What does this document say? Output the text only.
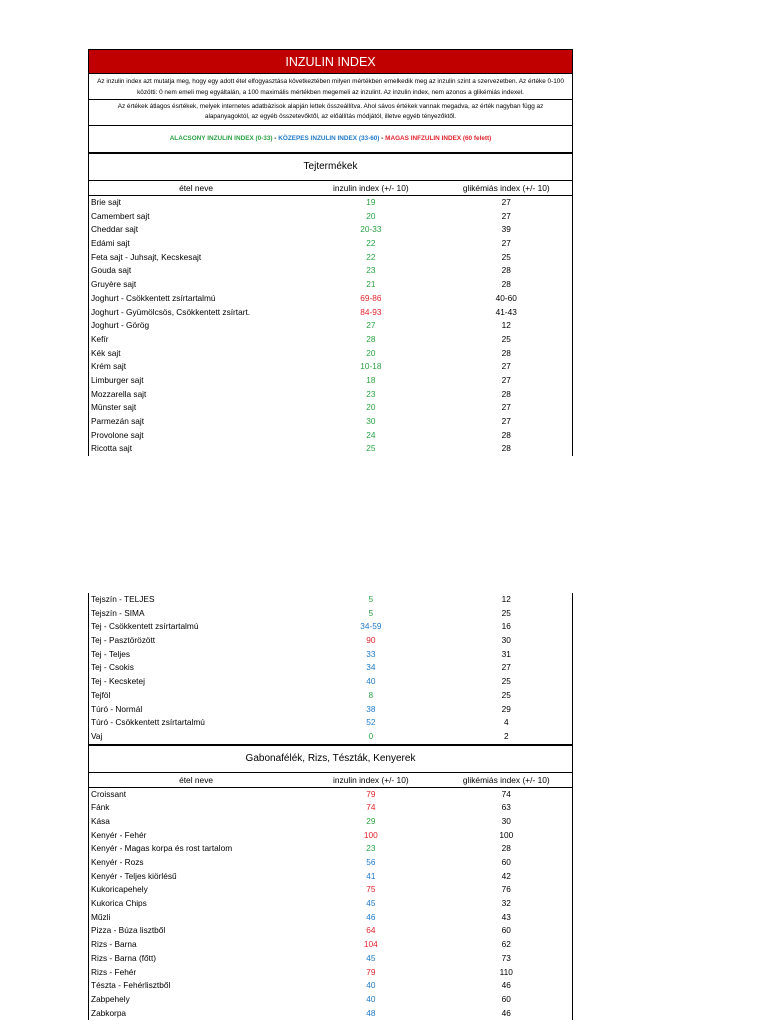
INZULIN INDEX
Az inzulin index azt mutatja meg, hogy egy adott étel elfogyasztása következtében milyen mértékben emelkedik meg az inzulin szint a szervezetben. Az értéke 0-100 közötti: 0 nem emeli meg egyáltalán, a 100 maximális mértékben megemeli az inzulint. Az inzulin index, nem azonos a glikémiás indexel.
Az értékek átlagos ésrtékek, melyek internetes adatbázisok alapján lettek összeállítva. Ahol sávos értékek vannak megadva, az érték nagyban függ az alapanyagoktól, az egyéb összetevőktől, az előállítás módjától, illetve egyéb tényezőktől.
ALACSONY INZULIN INDEX (0-33) - KÖZEPES INZULIN INDEX (33-60) - MAGAS INFZULIN INDEX (60 felett)
Tejtermékek
étel neve	inzulin index (+/- 10)	glikémiás index (+/- 10)
Brie sajt	19	27
Camembert sajt	20	27
Cheddar sajt	20-33	39
Edámi sajt	22	27
Feta sajt - Juhsajt, Kecskesajt	22	25
Gouda sajt	23	28
Gruyère sajt	21	28
Joghurt - Csökkentett zsírtartalmú	69-86	40-60
Joghurt - Gyümölcsös, Csökkentett zsírtart.	84-93	41-43
Joghurt - Görög	27	12
Kefír	28	25
Kék sajt	20	28
Krém sajt	10-18	27
Limburger sajt	18	27
Mozzarella sajt	23	28
Münster sajt	20	27
Parmezán sajt	30	27
Provolone sajt	24	28
Ricotta sajt	25	28
Tejszín - TELJES	5	12
Tejszín - SIMA	5	25
Tej - Csökkentett zsírtartalmú	34-59	16
Tej - Pasztörözött	90	30
Tej - Teljes	33	31
Tej - Csokis	34	27
Tej - Kecsketej	40	25
Tejföl	8	25
Túró - Normál	38	29
Túró - Csökkentett zsírtartalmú	52	4
Vaj	0	2
Gabonafélék, Rizs, Tészták, Kenyerek
étel neve	inzulin index (+/- 10)	glikémiás index (+/- 10)
Croissant	79	74
Fánk	74	63
Kása	29	30
Kenyér - Fehér	100	100
Kenyér - Magas korpa és rost tartalom	23	28
Kenyér - Rozs	56	60
Kenyér - Teljes kiörlésű	41	42
Kukoricapehely	75	76
Kukorica Chips	45	32
Műzli	46	43
Pizza - Búza lisztből	64	60
Rizs - Barna	104	62
Rizs - Barna (főtt)	45	73
Rizs - Fehér	79	110
Tészta - Fehérlisztből	40	46
Zabpehely	40	60
Zabkorpa	48	46
